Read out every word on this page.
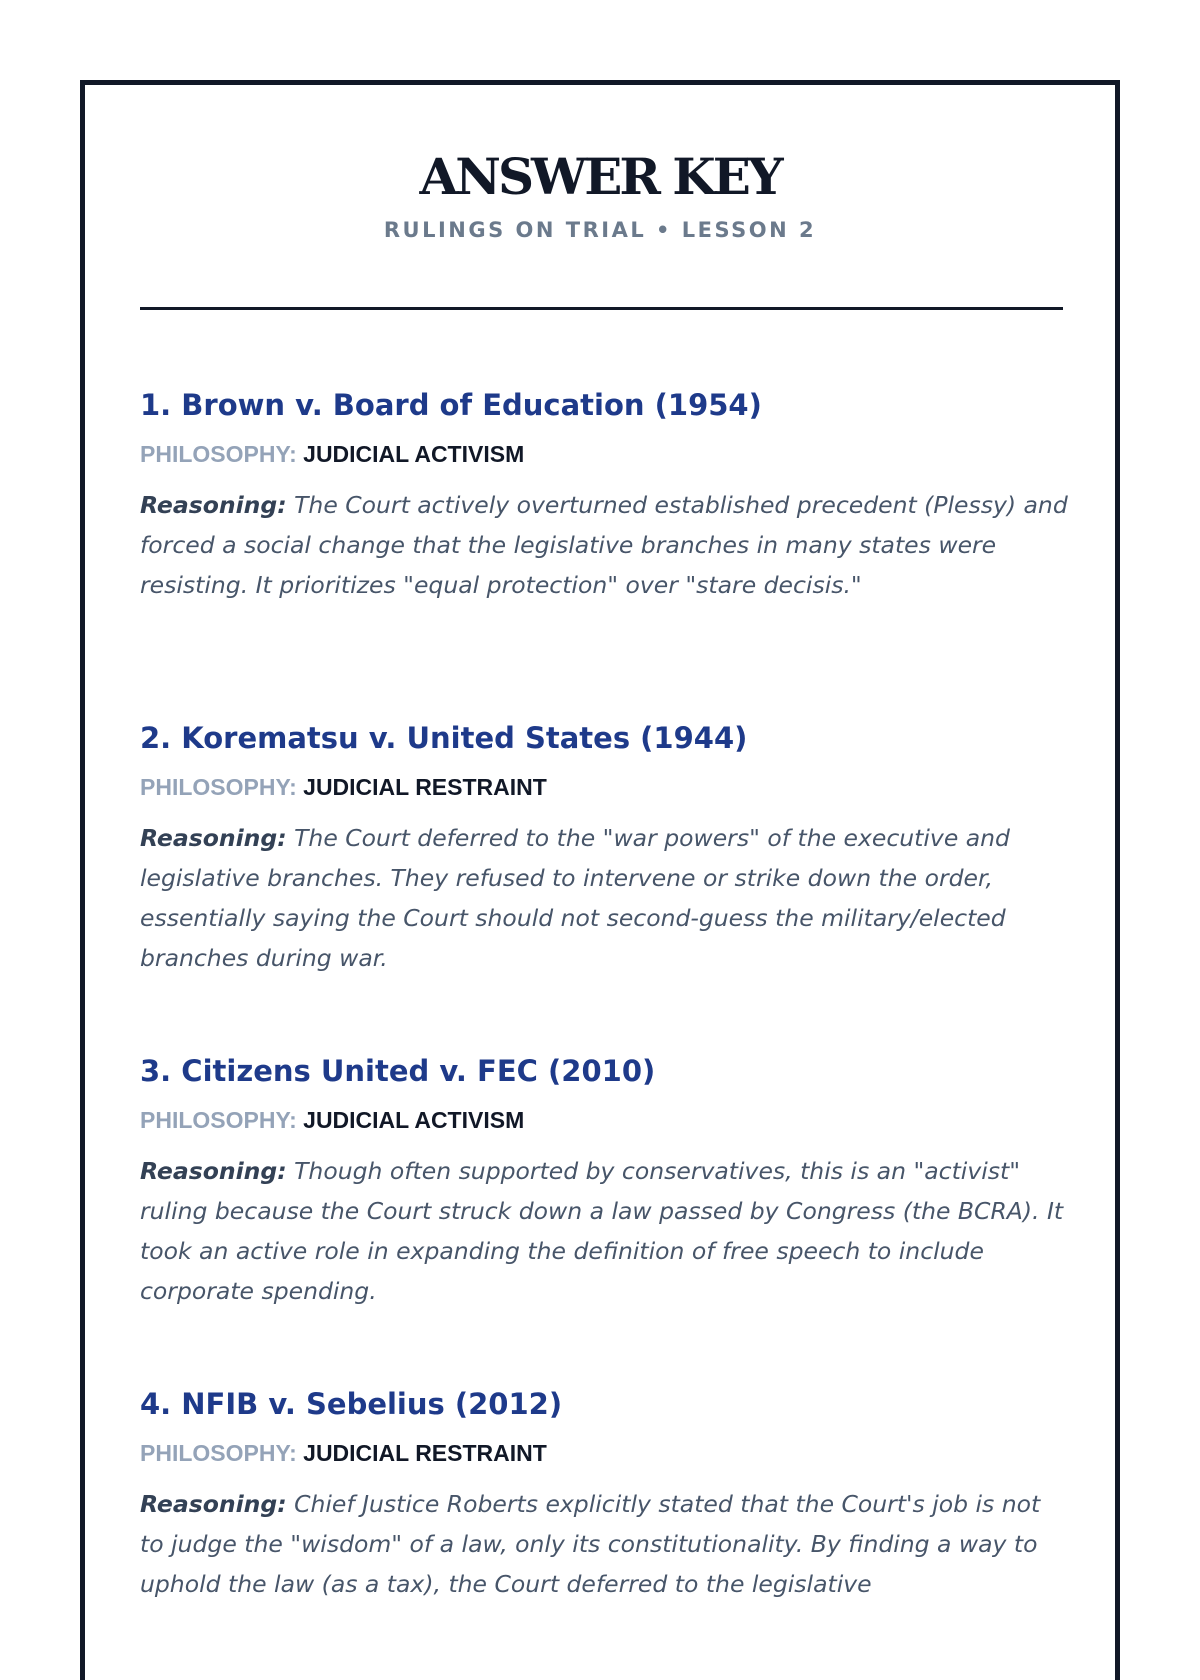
ANSWER KEY
RULINGS ON TRIAL • LESSON 2
1. Brown v. Board of Education (1954)
PHILOSOPHY: JUDICIAL ACTIVISM
Reasoning: The Court actively overturned established precedent (Plessy) and forced a social change that the legislative branches in many states were resisting. It prioritizes "equal protection" over "stare decisis."
2. Korematsu v. United States (1944)
PHILOSOPHY: JUDICIAL RESTRAINT
Reasoning: The Court deferred to the "war powers" of the executive and legislative branches. They refused to intervene or strike down the order, essentially saying the Court should not second-guess the military/elected branches during war.
3. Citizens United v. FEC (2010)
PHILOSOPHY: JUDICIAL ACTIVISM
Reasoning: Though often supported by conservatives, this is an "activist" ruling because the Court struck down a law passed by Congress (the BCRA). It took an active role in expanding the definition of free speech to include corporate spending.
4. NFIB v. Sebelius (2012)
PHILOSOPHY: JUDICIAL RESTRAINT
Reasoning: Chief Justice Roberts explicitly stated that the Court's job is not to judge the "wisdom" of a law, only its constitutionality. By finding a way to uphold the law (as a tax), the Court deferred to the legislative
